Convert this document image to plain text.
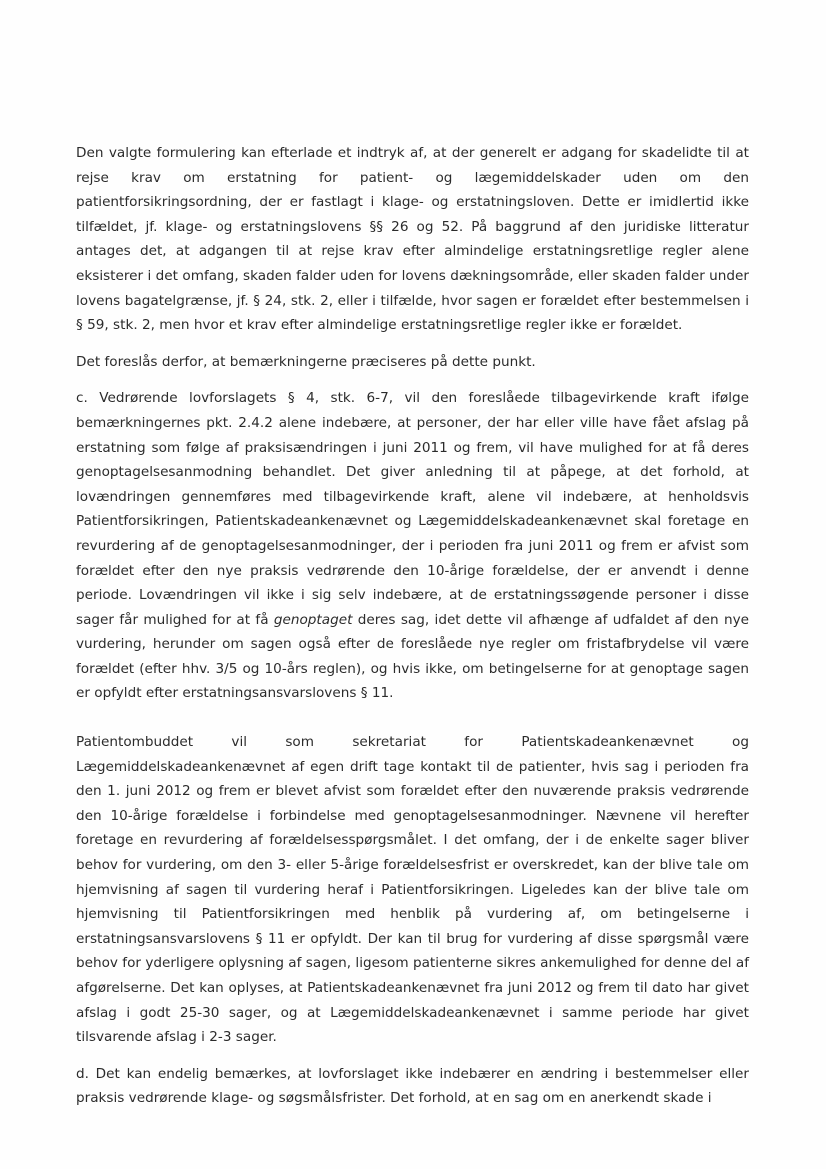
Den valgte formulering kan efterlade et indtryk af, at der generelt er adgang for skadelidte til at rejse krav om erstatning for patient- og lægemiddelskader uden om den patientforsikringsordning, der er fastlagt i klage- og erstatningsloven. Dette er imidlertid ikke tilfældet, jf. klage- og erstatningslovens §§ 26 og 52. På baggrund af den juridiske litteratur antages det, at adgangen til at rejse krav efter almindelige erstatningsretlige regler alene eksisterer i det omfang, skaden falder uden for lovens dækningsområde, eller skaden falder under lovens bagatelgrænse, jf. § 24, stk. 2, eller i tilfælde, hvor sagen er forældet efter bestemmelsen i § 59, stk. 2, men hvor et krav efter almindelige erstatningsretlige regler ikke er forældet.

Det foreslås derfor, at bemærkningerne præciseres på dette punkt.

c. Vedrørende lovforslagets § 4, stk. 6-7, vil den foreslåede tilbagevirkende kraft ifølge bemærkningernes pkt. 2.4.2 alene indebære, at personer, der har eller ville have fået afslag på erstatning som følge af praksisændringen i juni 2011 og frem, vil have mulighed for at få deres genoptagelsesanmodning behandlet. Det giver anledning til at påpege, at det forhold, at lovændringen gennemføres med tilbagevirkende kraft, alene vil indebære, at henholdsvis Patientforsikringen, Patientskadeankenævnet og Lægemiddelskadeankenævnet skal foretage en revurdering af de genoptagelsesanmodninger, der i perioden fra juni 2011 og frem er afvist som forældet efter den nye praksis vedrørende den 10-årige forældelse, der er anvendt i denne periode. Lovændringen vil ikke i sig selv indebære, at de erstatningssøgende personer i disse sager får mulighed for at få genoptaget deres sag, idet dette vil afhænge af udfaldet af den nye vurdering, herunder om sagen også efter de foreslåede nye regler om fristafbrydelse vil være forældet (efter hhv. 3/5 og 10-års reglen), og hvis ikke, om betingelserne for at genoptage sagen er opfyldt efter erstatningsansvarslovens § 11.

Patientombuddet vil som sekretariat for Patientskadeankenævnet og Lægemiddelskadeankenævnet af egen drift tage kontakt til de patienter, hvis sag i perioden fra den 1. juni 2012 og frem er blevet afvist som forældet efter den nuværende praksis vedrørende den 10-årige forældelse i forbindelse med genoptagelsesanmodninger. Nævnene vil herefter foretage en revurdering af forældelsesspørgsmålet. I det omfang, der i de enkelte sager bliver behov for vurdering, om den 3- eller 5-årige forældelsesfrist er overskredet, kan der blive tale om hjemvisning af sagen til vurdering heraf i Patientforsikringen. Ligeledes kan der blive tale om hjemvisning til Patientforsikringen med henblik på vurdering af, om betingelserne i erstatningsansvarslovens § 11 er opfyldt. Der kan til brug for vurdering af disse spørgsmål være behov for yderligere oplysning af sagen, ligesom patienterne sikres ankemulighed for denne del af afgørelserne. Det kan oplyses, at Patientskadeankenævnet fra juni 2012 og frem til dato har givet afslag i godt 25-30 sager, og at Lægemiddelskadeankenævnet i samme periode har givet tilsvarende afslag i 2-3 sager.

d. Det kan endelig bemærkes, at lovforslaget ikke indebærer en ændring i bestemmelser eller praksis vedrørende klage- og søgsmålsfrister. Det forhold, at en sag om en anerkendt skade i
